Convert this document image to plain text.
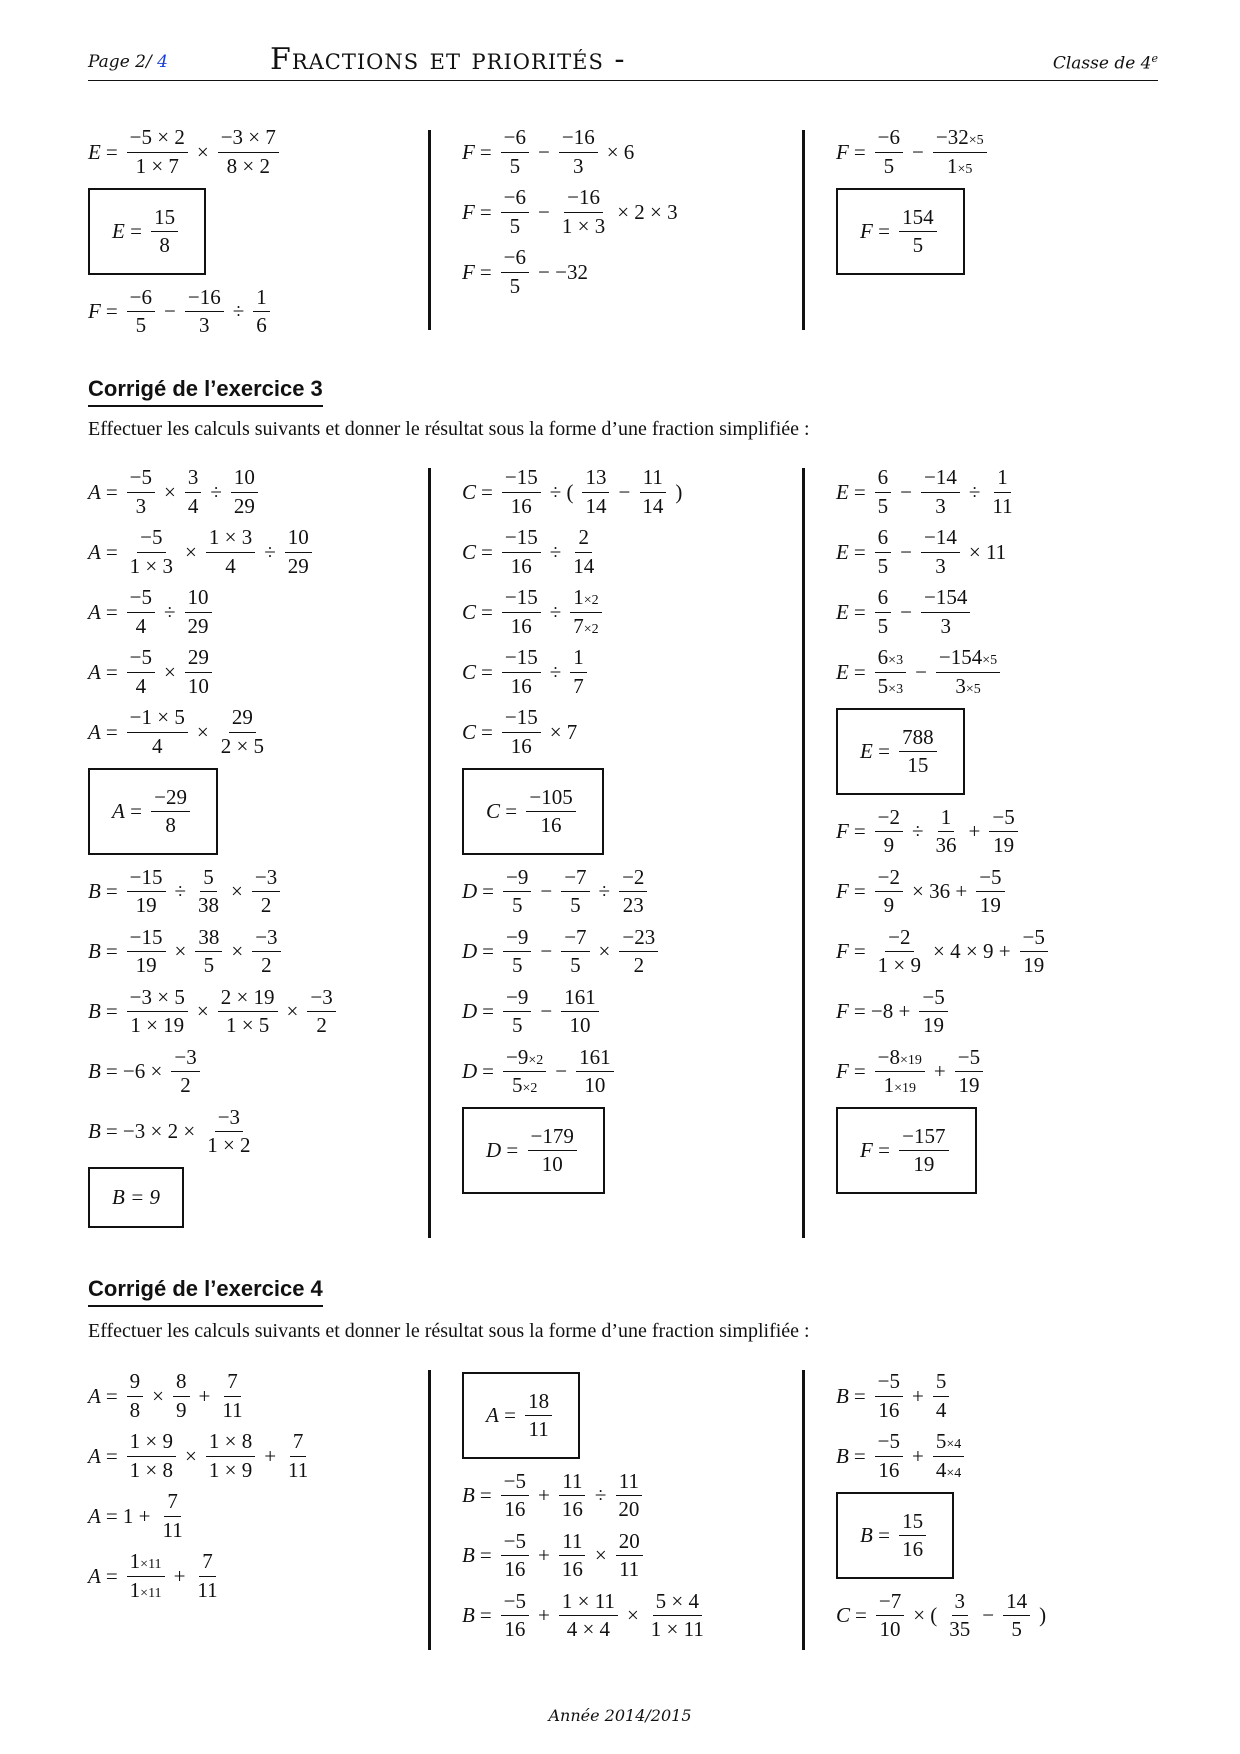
Page 2/ 4	Fractions et priorités -	Classe de 4e
$E = \frac{-5 \times 2}{1 \times 7} \times \frac{-3 \times 7}{8 \times 2}$
$E = \frac{15}{8}$
$F = \frac{-6}{5} - \frac{-16}{3} \div \frac{1}{6}$
$F = \frac{-6}{5} - \frac{-16}{3} \times 6$
$F = \frac{-6}{5} - \frac{-16}{1 \times 3} \times 2 \times 3$
$F = \frac{-6}{5} - -32$
$F = \frac{-6}{5} - \frac{-32\times 5}{1\times 5}$
$F = \frac{154}{5}$
Corrigé de l’exercice 3
Effectuer les calculs suivants et donner le résultat sous la forme d’une fraction simplifiée :
$A = \frac{-5}{3} \times \frac{3}{4} \div \frac{10}{29}$
$A = \frac{-5}{1 \times 3} \times \frac{1 \times 3}{4} \div \frac{10}{29}$
$A = \frac{-5}{4} \div \frac{10}{29}$
$A = \frac{-5}{4} \times \frac{29}{10}$
$A = \frac{-1 \times 5}{4} \times \frac{29}{2 \times 5}$
$A = \frac{-29}{8}$
$B = \frac{-15}{19} \div \frac{5}{38} \times \frac{-3}{2}$
$B = \frac{-15}{19} \times \frac{38}{5} \times \frac{-3}{2}$
$B = \frac{-3 \times 5}{1 \times 19} \times \frac{2 \times 19}{1 \times 5} \times \frac{-3}{2}$
$B = -6 \times \frac{-3}{2}$
$B = -3 \times 2 \times \frac{-3}{1 \times 2}$
B = 9
$C = \frac{-15}{16}$ ÷ ( $\frac{13}{14} - \frac{11}{14}$ )
$C = \frac{-15}{16} \div \frac{2}{14}$
$C = \frac{-15}{16} \div \frac{1\times 2}{7\times 2}$
$C = \frac{-15}{16} \div \frac{1}{7}$
$C = \frac{-15}{16} \times 7$
$C = \frac{-105}{16}$
$D = \frac{-9}{5} - \frac{-7}{5} \div \frac{-2}{23}$
$D = \frac{-9}{5} - \frac{-7}{5} \times \frac{-23}{2}$
$D = \frac{-9}{5} - \frac{161}{10}$
$D = \frac{-9\times 2}{5\times 2} - \frac{161}{10}$
$D = \frac{-179}{10}$
$E = \frac{6}{5} - \frac{-14}{3} \div \frac{1}{11}$
$E = \frac{6}{5} - \frac{-14}{3} \times 11$
$E = \frac{6}{5} - \frac{-154}{3}$
$E = \frac{6\times 3}{5\times 3} - \frac{-154\times 5}{3\times 5}$
$E = \frac{788}{15}$
$F = \frac{-2}{9} \div \frac{1}{36} + \frac{-5}{19}$
$F = \frac{-2}{9} \times 36 + \frac{-5}{19}$
$F = \frac{-2}{1 \times 9} \times 4 \times 9 + \frac{-5}{19}$
$F = -8 + \frac{-5}{19}$
$F = \frac{-8\times 19}{1\times 19} + \frac{-5}{19}$
$F = \frac{-157}{19}$
Corrigé de l’exercice 4
Effectuer les calculs suivants et donner le résultat sous la forme d’une fraction simplifiée :
$A = \frac{9}{8} \times \frac{8}{9} + \frac{7}{11}$
$A = \frac{1 \times 9}{1 \times 8} \times \frac{1 \times 8}{1 \times 9} + \frac{7}{11}$
$A = 1 + \frac{7}{11}$
$A = \frac{1\times 11}{1\times 11} + \frac{7}{11}$
$A = \frac{18}{11}$
$B = \frac{-5}{16} + \frac{11}{16} \div \frac{11}{20}$
$B = \frac{-5}{16} + \frac{11}{16} \times \frac{20}{11}$
$B = \frac{-5}{16} + \frac{1 \times 11}{4 \times 4} \times \frac{5 \times 4}{1 \times 11}$
$B = \frac{-5}{16} + \frac{5}{4}$
$B = \frac{-5}{16} + \frac{5\times 4}{4\times 4}$
$B = \frac{15}{16}$
$C = \frac{-7}{10}$ × ( $\frac{3}{35} - \frac{14}{5}$ )
Année 2014/2015
